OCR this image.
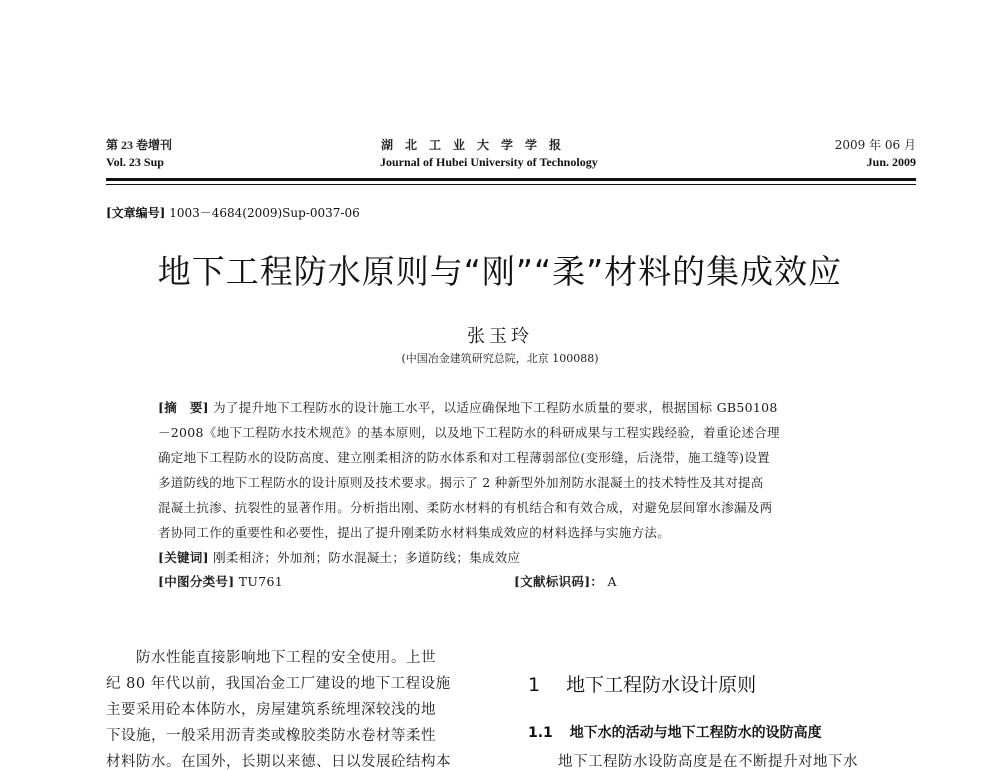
第 23 卷增刊
Vol. 23 Sup
湖　北　工　业　大　学　学　报
Journal of Hubei University of Technology
2009 年 06 月
Jun. 2009
[文章编号] 1003－4684(2009)Sup-0037-06
地下工程防水原则与“刚”“柔”材料的集成效应
张玉玲
(中国冶金建筑研究总院，北京 100088)
[摘　要] 为了提升地下工程防水的设计施工水平，以适应确保地下工程防水质量的要求，根据国标 GB50108
－2008《地下工程防水技术规范》的基本原则，以及地下工程防水的科研成果与工程实践经验，着重论述合理
确定地下工程防水的设防高度、建立刚柔相济的防水体系和对工程薄弱部位(变形缝，后浇带，施工缝等)设置
多道防线的地下工程防水的设计原则及技术要求。揭示了 2 种新型外加剂防水混凝土的技术特性及其对提高
混凝土抗渗、抗裂性的显著作用。分析指出刚、柔防水材料的有机结合和有效合成，对避免层间窜水渗漏及两
者协同工作的重要性和必要性，提出了提升刚柔防水材料集成效应的材料选择与实施方法。
[关键词] 刚柔相济；外加剂；防水混凝土；多道防线；集成效应
[中图分类号] TU761	[文献标识码]： A
　　防水性能直接影响地下工程的安全使用。上世
纪 80 年代以前，我国冶金工厂建设的地下工程设施
主要采用砼本体防水，房屋建筑系统埋深较浅的地
下设施，一般采用沥青类或橡胶类防水卷材等柔性
材料防水。在国外，长期以来德、日以发展砼结构本
1 地下工程防水设计原则
1.1 地下水的活动与地下工程防水的设防高度
　　地下工程防水设防高度是在不断提升对地下水
